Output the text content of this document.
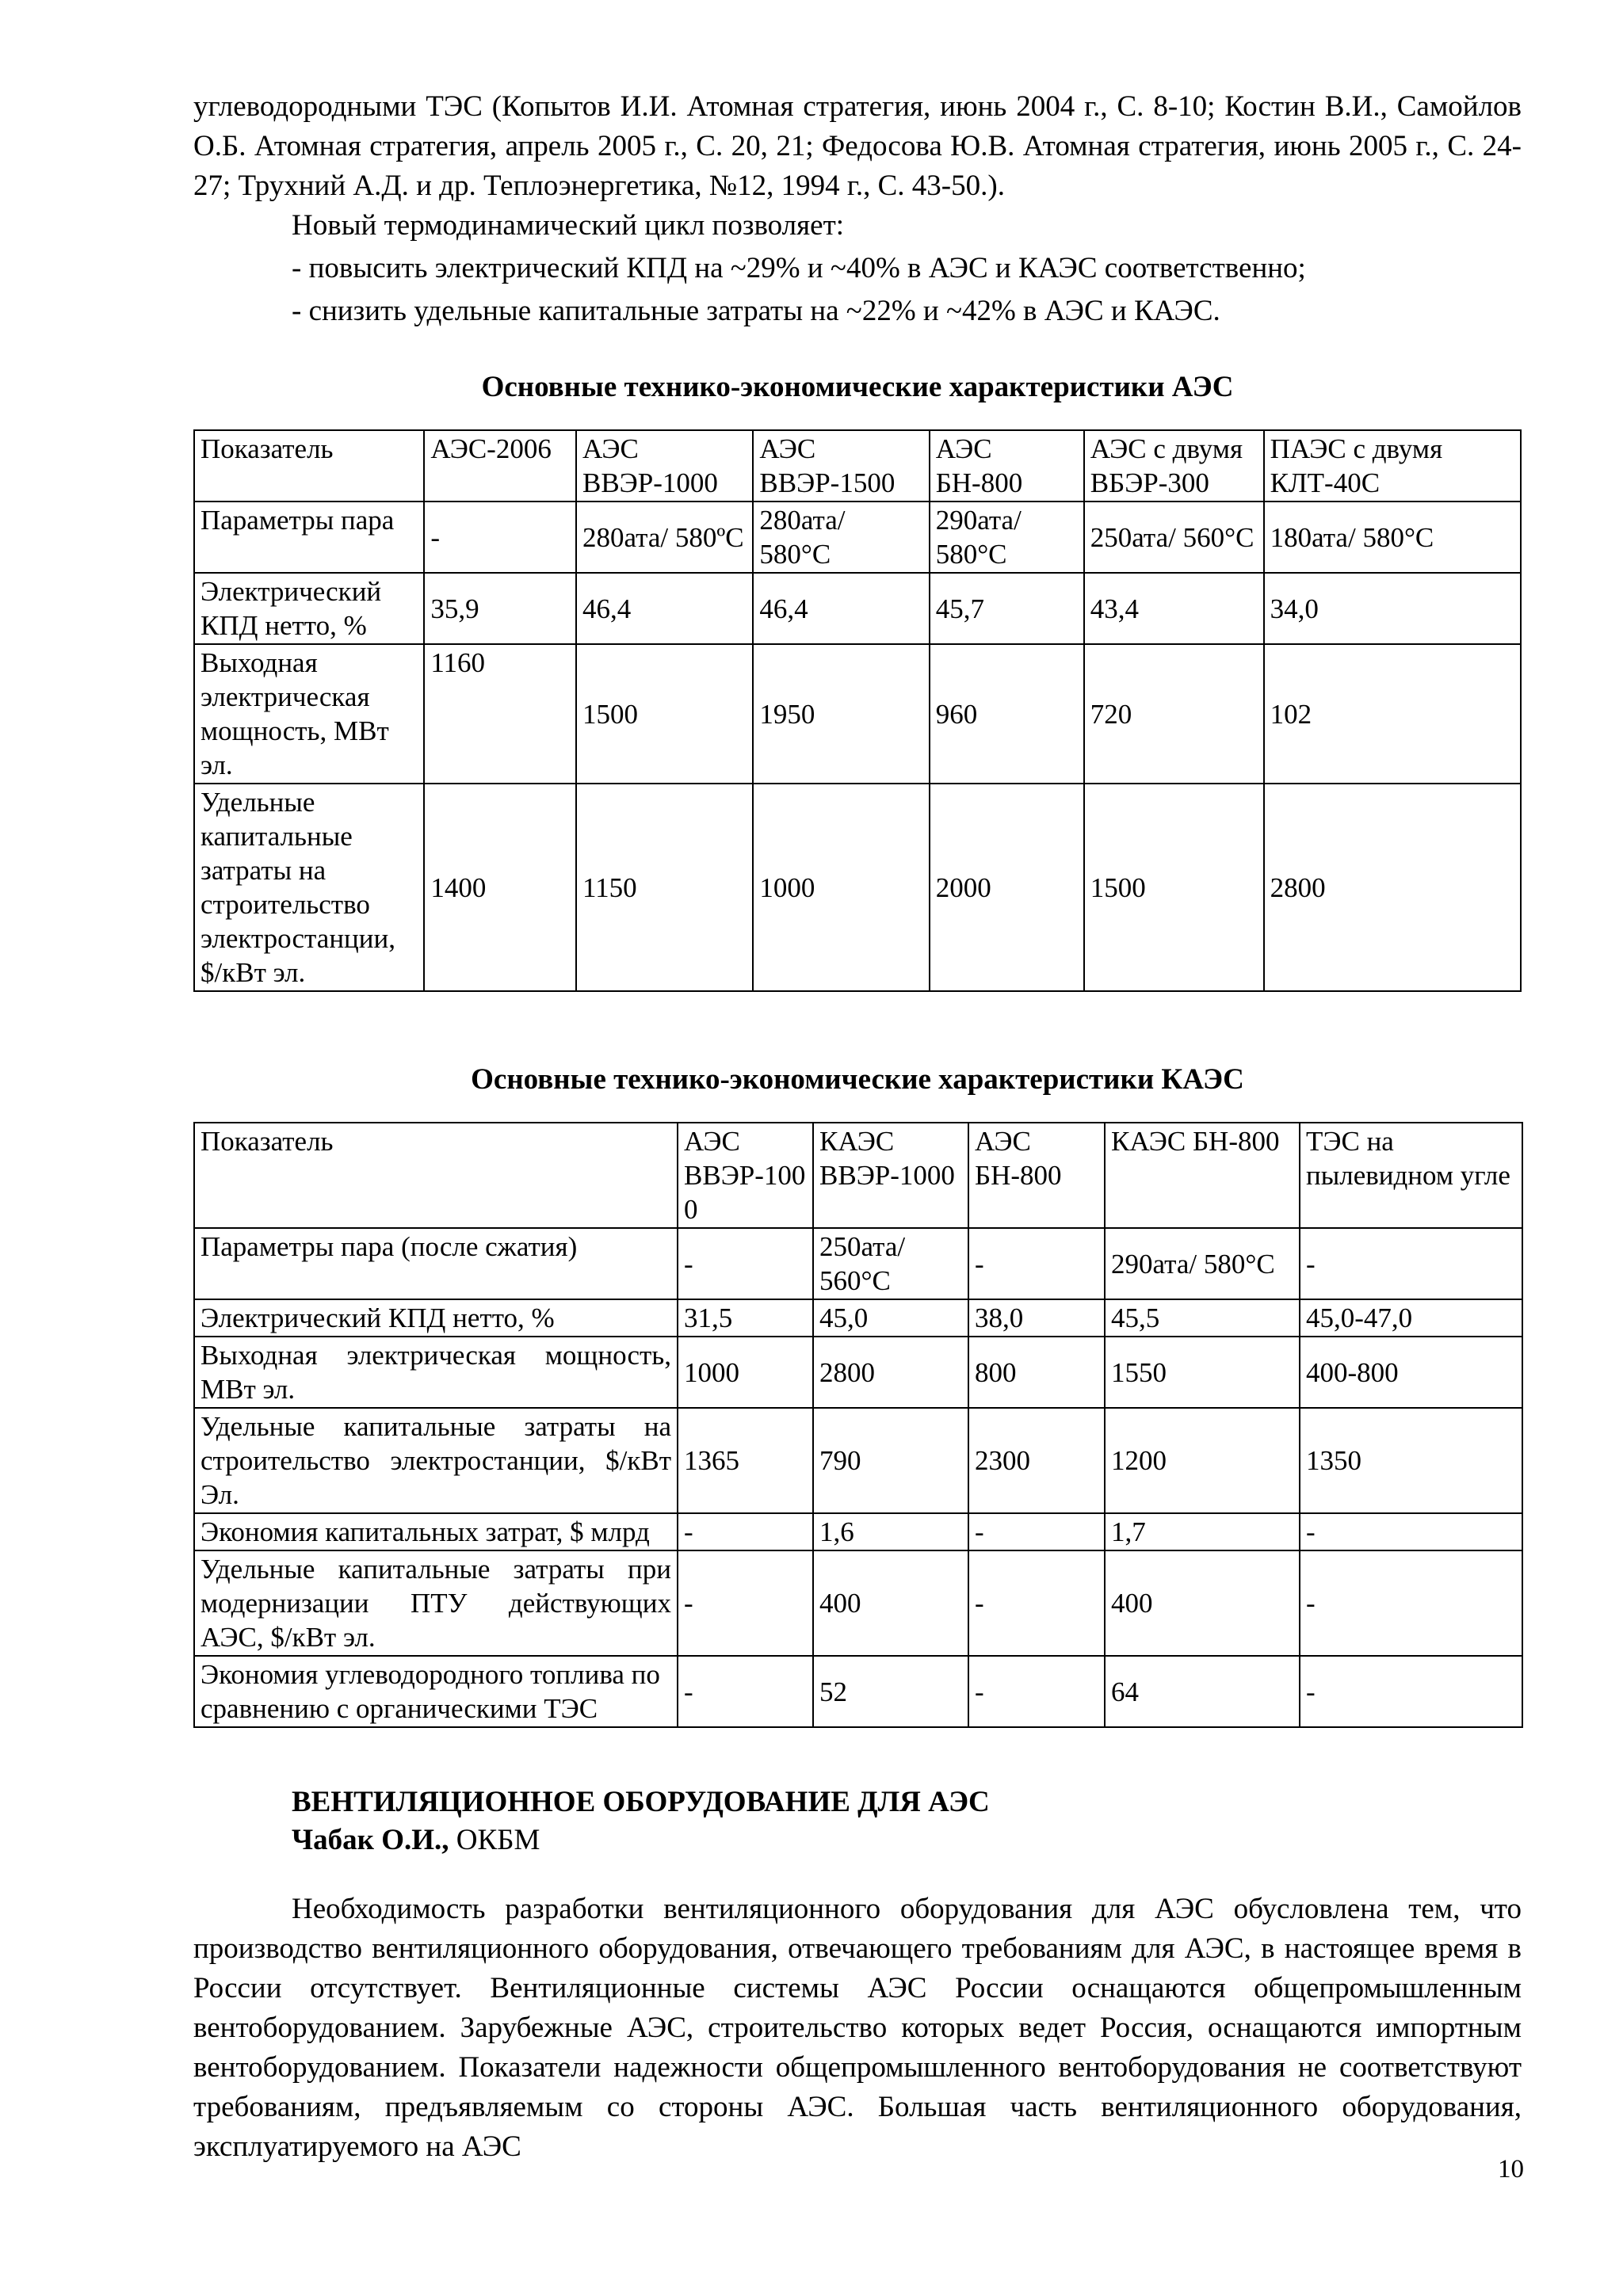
углеводородными ТЭС (Копытов И.И. Атомная стратегия, июнь 2004 г., С. 8-10; Костин В.И., Самойлов О.Б. Атомная стратегия, апрель 2005 г., С. 20, 21; Федосова Ю.В. Атомная стратегия, июнь 2005 г., С. 24-27; Трухний А.Д. и др. Теплоэнергетика, №12, 1994 г., С. 43-50.).

Новый термодинамический цикл позволяет:

- повысить электрический КПД на ~29% и ~40% в АЭС и КАЭС соответственно;

- снизить удельные капитальные затраты на ~22% и ~42% в АЭС и КАЭС.

Основные технико-экономические характеристики АЭС

Показатель	АЭС-2006	АЭС ВВЭР-1000	АЭС ВВЭР-1500	АЭС БН-800	АЭС с двумя ВБЭР-300	ПАЭС с двумя КЛТ-40С
Параметры пара	-	280ата/ 580ºС	280ата/ 580°С	290ата/ 580°С	250ата/ 560°С	180ата/ 580°С
Электрический КПД нетто, %	35,9	46,4	46,4	45,7	43,4	34,0
Выходная электрическая мощность, МВт эл.	1160	1500	1950	960	720	102
Удельные капитальные затраты на строительство электростанции, $/кВт эл.	1400	1150	1000	2000	1500	2800

Основные технико-экономические характеристики КАЭС

Показатель	АЭС ВВЭР-1000	КАЭС ВВЭР-1000	АЭС БН-800	КАЭС БН-800	ТЭС на пылевидном угле
Параметры пара (после сжатия)	-	250ата/ 560°С	-	290ата/ 580°С	-
Электрический КПД нетто, %	31,5	45,0	38,0	45,5	45,0-47,0
Выходная электрическая мощность, МВт эл.	1000	2800	800	1550	400-800
Удельные капитальные затраты на строительство электростанции, $/кВт Эл.	1365	790	2300	1200	1350
Экономия капитальных затрат, $ млрд	-	1,6	-	1,7	-
Удельные капитальные затраты при модернизации ПТУ действующих АЭС, $/кВт эл.	-	400	-	400	-
Экономия углеводородного топлива по сравнению с органическими ТЭС	-	52	-	64	-

ВЕНТИЛЯЦИОННОЕ ОБОРУДОВАНИЕ ДЛЯ АЭС

Чабак О.И., ОКБМ

Необходимость разработки вентиляционного оборудования для АЭС обусловлена тем, что производство вентиляционного оборудования, отвечающего требованиям для АЭС, в настоящее время в России отсутствует. Вентиляционные системы АЭС России оснащаются общепромышленным вентоборудованием. Зарубежные АЭС, строительство которых ведет Россия, оснащаются импортным вентоборудованием. Показатели надежности общепромышленного вентоборудования не соответствуют требованиям, предъявляемым со стороны АЭС. Большая часть вентиляционного оборудования, эксплуатируемого на АЭС

10
